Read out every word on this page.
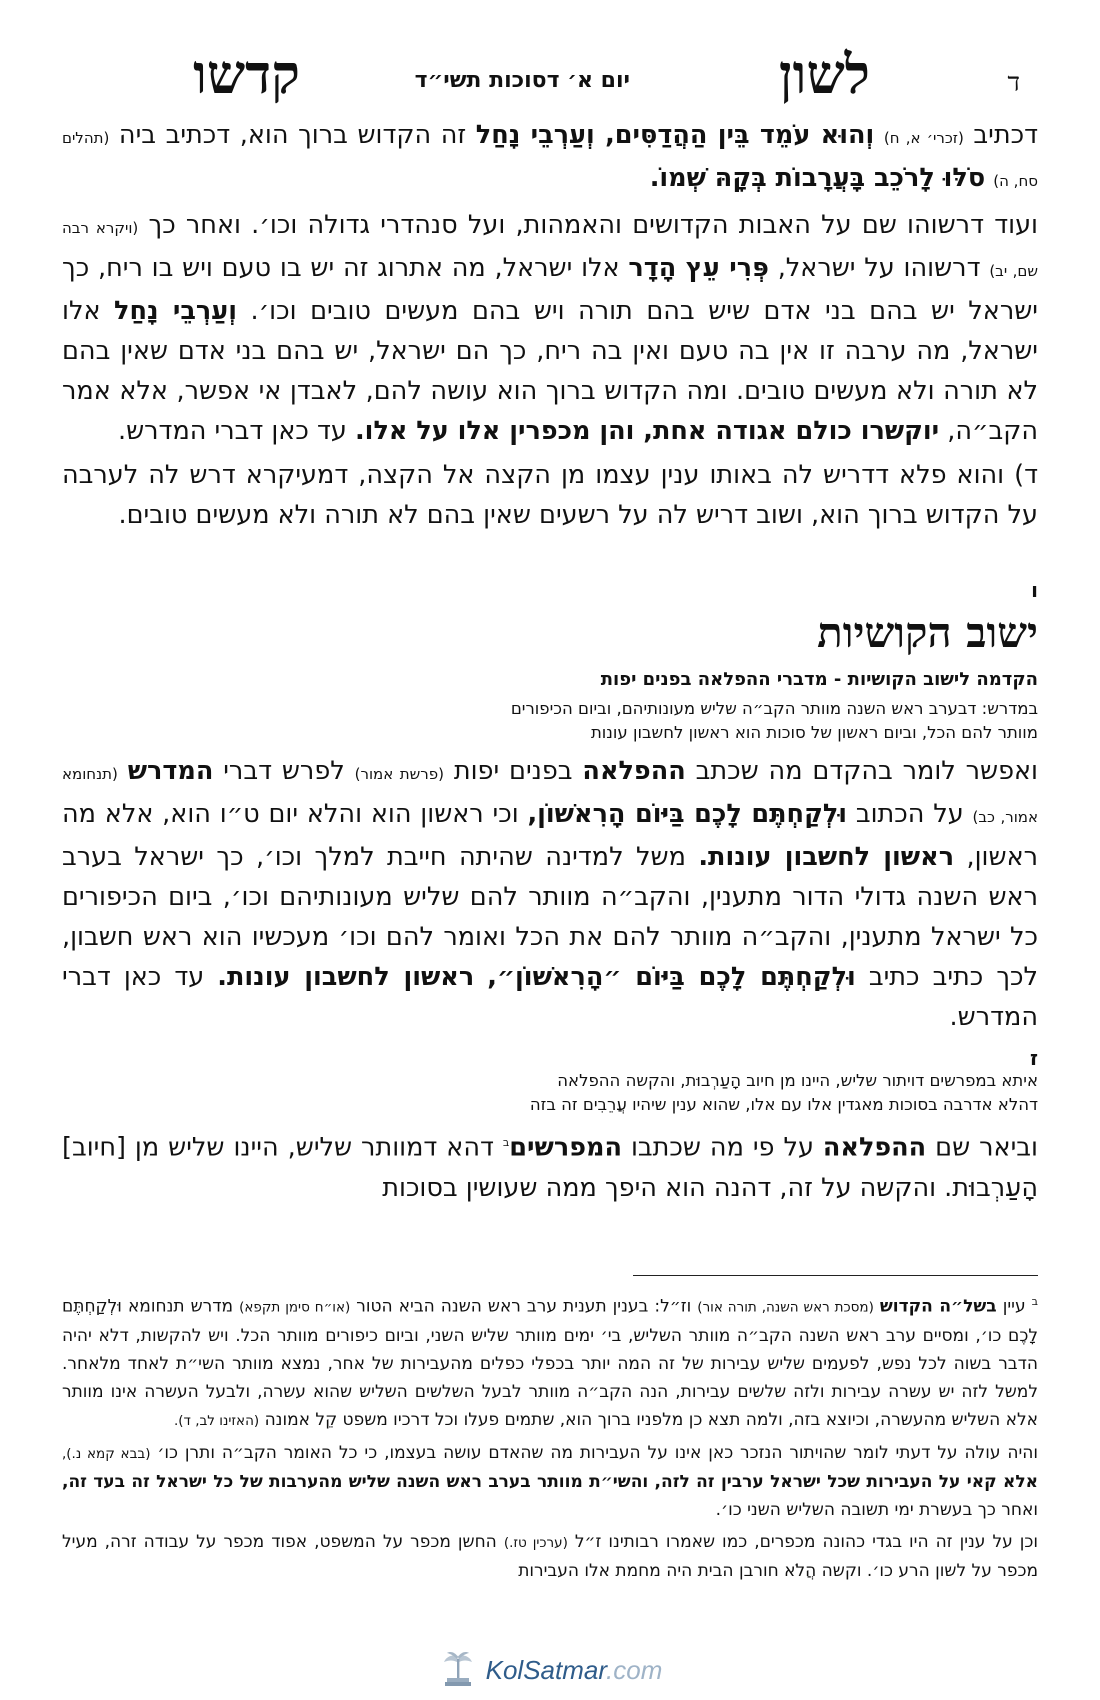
ד
לשון
יום א׳ דסוכות תשי״ד
קדשו

דכתיב (זכרי׳ א, ח) וְהוּא עֹמֵד בֵּין הַהֲדַסִּים, וְעַרְבֵי נָחַל זה הקדוש ברוך הוא, דכתיב ביה (תהלים סח, ה) סֹלּוּ לָרֹכֵב בָּעֲרָבוֹת בְּקָהּ שְׁמוֹ.

ועוד דרשוהו שם על האבות הקדושים והאמהות, ועל סנהדרי גדולה וכו׳. ואחר כך (ויקרא רבה שם, יב) דרשוהו על ישראל, פְּרִי עֵץ הָדָר אלו ישראל, מה אתרוג זה יש בו טעם ויש בו ריח, כך ישראל יש בהם בני אדם שיש בהם תורה ויש בהם מעשים טובים וכו׳. וְעַרְבֵי נָחַל אלו ישראל, מה ערבה זו אין בה טעם ואין בה ריח, כך הם ישראל, יש בהם בני אדם שאין בהם לא תורה ולא מעשים טובים. ומה הקדוש ברוך הוא עושה להם, לאבדן אי אפשר, אלא אמר הקב״ה, יוקשרו כולם אגודה אחת, והן מכפרין אלו על אלו. עד כאן דברי המדרש.

ד) והוא פלא דדריש לה באותו ענין עצמו מן הקצה אל הקצה, דמעיקרא דרש לה לערבה על הקדוש ברוך הוא, ושוב דריש לה על רשעים שאין בהם לא תורה ולא מעשים טובים.

ו
ישוב הקושיות
הקדמה לישוב הקושיות - מדברי ההפלאה בפנים יפות
במדרש: דבערב ראש השנה מוותר הקב״ה שליש מעונותיהם, וביום הכיפורים
מוותר להם הכל, וביום ראשון של סוכות הוא ראשון לחשבון עונות

ואפשר לומר בהקדם מה שכתב ההפלאה בפנים יפות (פרשת אמור) לפרש דברי המדרש (תנחומא אמור, כב) על הכתוב וּלְקַחְתֶּם לָכֶם בַּיּוֹם הָרִאשׁוֹן, וכי ראשון הוא והלא יום ט״ו הוא, אלא מה ראשון, ראשון לחשבון עונות. משל למדינה שהיתה חייבת למלך וכו׳, כך ישראל בערב ראש השנה גדולי הדור מתענין, והקב״ה מוותר להם שליש מעונותיהם וכו׳, ביום הכיפורים כל ישראל מתענין, והקב״ה מוותר להם את הכל ואומר להם וכו׳ מעכשיו הוא ראש חשבון, לכך כתיב כתיב וּלְקַחְתֶּם לָכֶם בַּיּוֹם ״הָרִאשׁוֹן״, ראשון לחשבון עונות. עד כאן דברי המדרש.

ז
איתא במפרשים דויתור שליש, היינו מן חיוב הָעַרְבוּת, והקשה ההפלאה
דהלא אדרבה בסוכות מאגדין אלו עם אלו, שהוא ענין שיהיו עֲרֵבִים זה בזה

וביאר שם ההפלאה על פי מה שכתבו המפרשים$^ב$ דהא דמוותר שליש, היינו שליש מן [חיוב] הָעַרְבוּת. והקשה על זה, דהנה הוא היפך ממה שעושין בסוכות

$^ב$ עיין בשל״ה הקדוש (מסכת ראש השנה, תורה אור) וז״ל: בענין תענית ערב ראש השנה הביא הטור (או״ח סימן תקפא) מדרש תנחומא וּלְקַחְתֶּם לָכֶם כו׳, ומסיים ערב ראש השנה הקב״ה מוותר השליש, בי׳ ימים מוותר שליש השני, וביום כיפורים מוותר הכל. ויש להקשות, דלא יהיה הדבר בשוה לכל נפש, לפעמים שליש עבירות של זה המה יותר בכפלי כפלים מהעבירות של אחר, נמצא מוותר השי״ת לאחד מלאחר. למשל לזה יש עשרה עבירות ולזה שלשים עבירות, הנה הקב״ה מוותר לבעל השלשים השליש שהוא עשרה, ולבעל העשרה אינו מוותר אלא השליש מהעשרה, וכיוצא בזה, ולמה תצא כן מלפניו ברוך הוא, שתמים פעלו וכל דרכיו משפט קֵל אמונה (האזינו לב, ד).

והיה עולה על דעתי לומר שהויתור הנזכר כאן אינו על העבירות מה שהאדם עושה בעצמו, כי כל האומר הקב״ה ותרן כו׳ (בבא קמא נ.), אלא קאי על העבירות שכל ישראל ערבין זה לזה, והשי״ת מוותר בערב ראש השנה שליש מהערבות של כל ישראל זה בעד זה, ואחר כך בעשרת ימי תשובה השליש השני כו׳.

וכן על ענין זה היו בגדי כהונה מכפרים, כמו שאמרו רבותינו ז״ל (ערכין טז.) החשן מכפר על המשפט, אפוד מכפר על עבודה זרה, מעיל מכפר על לשון הרע כו׳. וקשה הֲלֹא חורבן הבית היה מחמת אלו העבירות

KolSatmar.com
